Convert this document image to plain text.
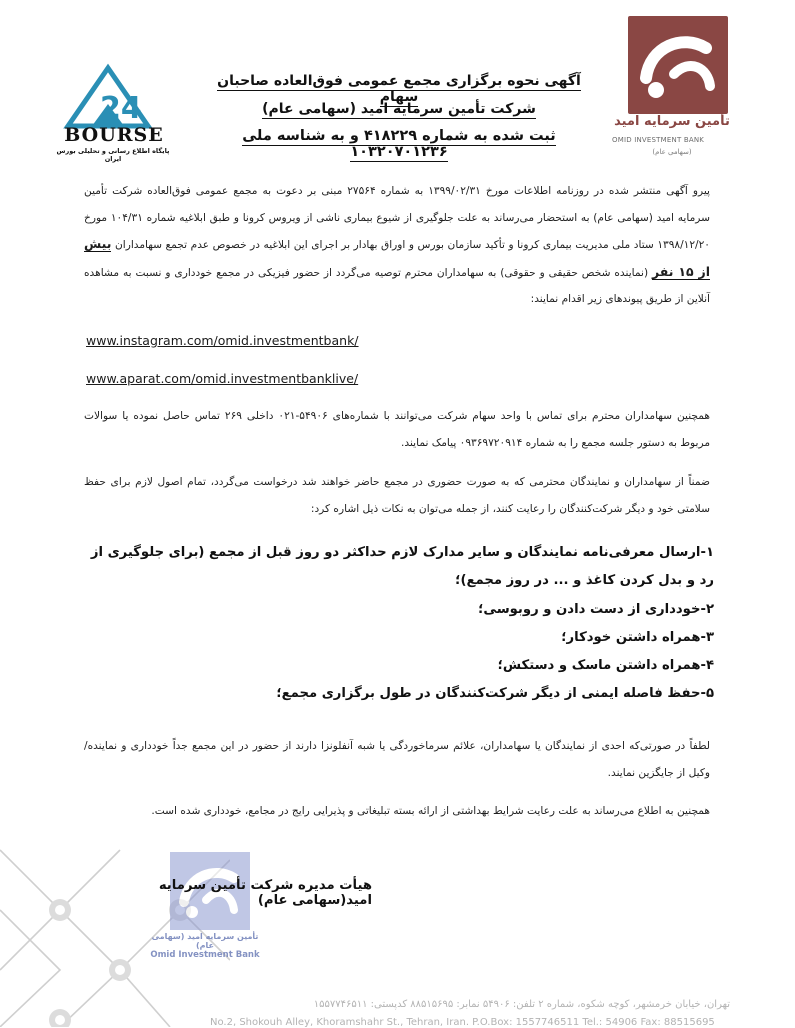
24
BOURSE
پایگاه اطلاع رسانی و تحلیلی بورس ایران
تأمین سرمایه امید
OMID INVESTMENT BANK
(سهامی عام)
آگهی نحوه برگزاری مجمع عمومی فوق‌العاده صاحبان سهام
شرکت تأمین سرمایه امید (سهامی عام)
ثبت شده به شماره ۴۱۸۲۲۹ و به شناسه ملی ۱۰۳۲۰۷۰۱۲۳۶
پیرو آگهی منتشر شده در روزنامه اطلاعات مورخ ۱۳۹۹/۰۲/۳۱ به شماره ۲۷۵۶۴ مبنی بر دعوت به مجمع عمومی فوق‌العاده شرکت تأمین سرمایه امید (سهامی عام) به استحضار می‌رساند به علت جلوگیری از شیوع بیماری ناشی از ویروس کرونا و طبق ابلاغیه شماره ۱۰۴/۳۱ مورخ ۱۳۹۸/۱۲/۲۰ ستاد ملی مدیریت بیماری کرونا و تأکید سازمان بورس و اوراق بهادار بر اجرای این ابلاغیه در خصوص عدم تجمع سهامداران بیش از ۱۵ نفر (نماینده شخص حقیقی و حقوقی) به سهامداران محترم توصیه می‌گردد از حضور فیزیکی در مجمع خودداری و نسبت به مشاهده آنلاین از طریق پیوندهای زیر اقدام نمایند:
www.instagram.com/omid.investmentbank/
www.aparat.com/omid.investmentbanklive/
همچنین سهامداران محترم برای تماس با واحد سهام شرکت می‌توانند با شماره‌های ۵۴۹۰۶-۰۲۱ داخلی ۲۶۹ تماس حاصل نموده یا سوالات مربوط به دستور جلسه مجمع را به شماره ۰۹۳۶۹۷۲۰۹۱۴ پیامک نمایند.
ضمناً از سهامداران و نمایندگان محترمی که به صورت حضوری در مجمع حاضر خواهند شد درخواست می‌گردد، تمام اصول لازم برای حفظ سلامتی خود و دیگر شرکت‌کنندگان را رعایت کنند، از جمله می‌توان به نکات ذیل اشاره کرد:
۱-ارسال معرفی‌نامه نمایندگان و سایر مدارک لازم حداکثر دو روز قبل از مجمع (برای جلوگیری از رد و بدل کردن کاغذ و ... در روز مجمع)؛
۲-خودداری از دست دادن و روبوسی؛
۳-همراه داشتن خودکار؛
۴-همراه داشتن ماسک و دستکش؛
۵-حفظ فاصله ایمنی از دیگر شرکت‌کنندگان در طول برگزاری مجمع؛
لطفاً در صورتی‌که احدی از نمایندگان یا سهامداران، علائم سرماخوردگی یا شبه آنفلونزا دارند از حضور در این مجمع جداً خودداری و نماینده/وکیل از جایگزین نمایند.
همچنین به اطلاع می‌رساند به علت رعایت شرایط بهداشتی از ارائه بسته تبلیغاتی و پذیرایی رایج در مجامع، خودداری شده است.
تأمین سرمایه امید (سهامی عام)
Omid Investment Bank
هیأت مدیره شرکت تأمین سرمایه امید(سهامی عام)
تهران، خیابان خرمشهر، کوچه شکوه، شماره ۲ تلفن: ۵۴۹۰۶ نمابر: ۸۸۵۱۵۶۹۵ کدپستی: ۱۵۵۷۷۴۶۵۱۱
No.2, Shokouh Alley, Khoramshahr St., Tehran, Iran. P.O.Box: 1557746511 Tel.: 54906 Fax: 88515695
